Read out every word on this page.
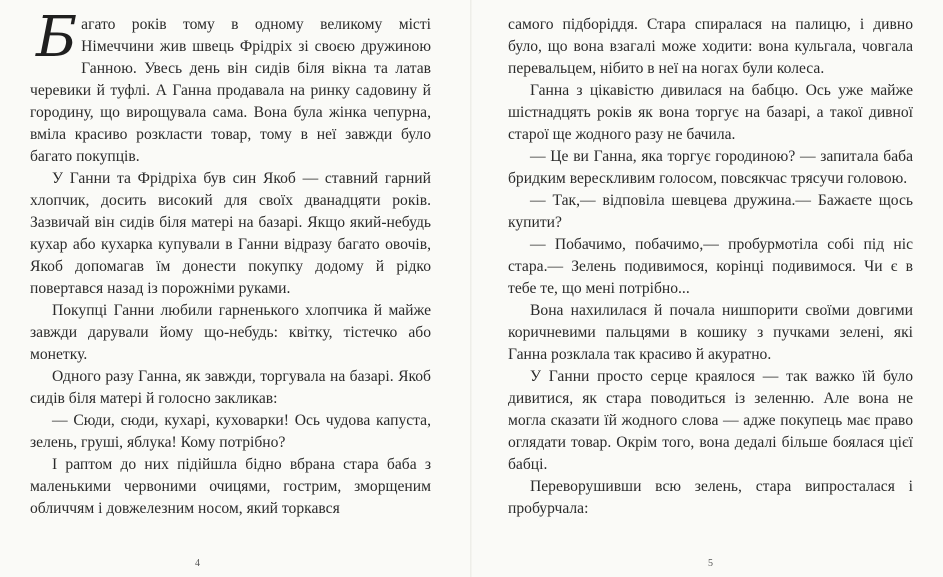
Багато років тому в одному великому місті Німеччини жив швець Фрідріх зі своєю дружиною Ганною. Увесь день він сидів біля вікна та латав черевики й туфлі. А Ганна продавала на ринку садовину й городину, що вирощувала сама. Вона була жінка чепурна, вміла красиво розкласти товар, тому в неї завжди було багато покупців.

У Ганни та Фрідріха був син Якоб — ставний гарний хлопчик, досить високий для своїх дванадцяти років. Зазвичай він сидів біля матері на базарі. Якщо який-небудь кухар або кухарка купували в Ганни відразу багато овочів, Якоб допомагав їм донести покупку додому й рідко повертався назад із порожніми руками.

Покупці Ганни любили гарненького хлопчика й майже завжди дарували йому що-небудь: квітку, тістечко або монетку.

Одного разу Ганна, як завжди, торгувала на базарі. Якоб сидів біля матері й голосно закликав:

— Сюди, сюди, кухарі, куховарки! Ось чудова капуста, зелень, груші, яблука! Кому потрібно?

І раптом до них підійшла бідно вбрана стара баба з маленькими червоними очицями, гострим, зморщеним обличчям і довжелезним носом, який торкався

4

самого підборіддя. Стара спиралася на палицю, і дивно було, що вона взагалі може ходити: вона кульгала, човгала перевальцем, нібито в неї на ногах були колеса.

Ганна з цікавістю дивилася на бабцю. Ось уже майже шістнадцять років як вона торгує на базарі, а такої дивної старої ще жодного разу не бачила.

— Це ви Ганна, яка торгує городиною? — запитала баба бридким верескливим голосом, повсякчас трясучи головою.

— Так,— відповіла шевцева дружина.— Бажаєте щось купити?

— Побачимо, побачимо,— пробурмотіла собі під ніс стара.— Зелень подивимося, корінці подивимося. Чи є в тебе те, що мені потрібно...

Вона нахилилася й почала нишпорити своїми довгими коричневими пальцями в кошику з пучками зелені, які Ганна розклала так красиво й акуратно.

У Ганни просто серце краялося — так важко їй було дивитися, як стара поводиться із зеленню. Але вона не могла сказати їй жодного слова — адже покупець має право оглядати товар. Окрім того, вона дедалі більше боялася цієї бабці.

Переворушивши всю зелень, стара випросталася і пробурчала:

5
